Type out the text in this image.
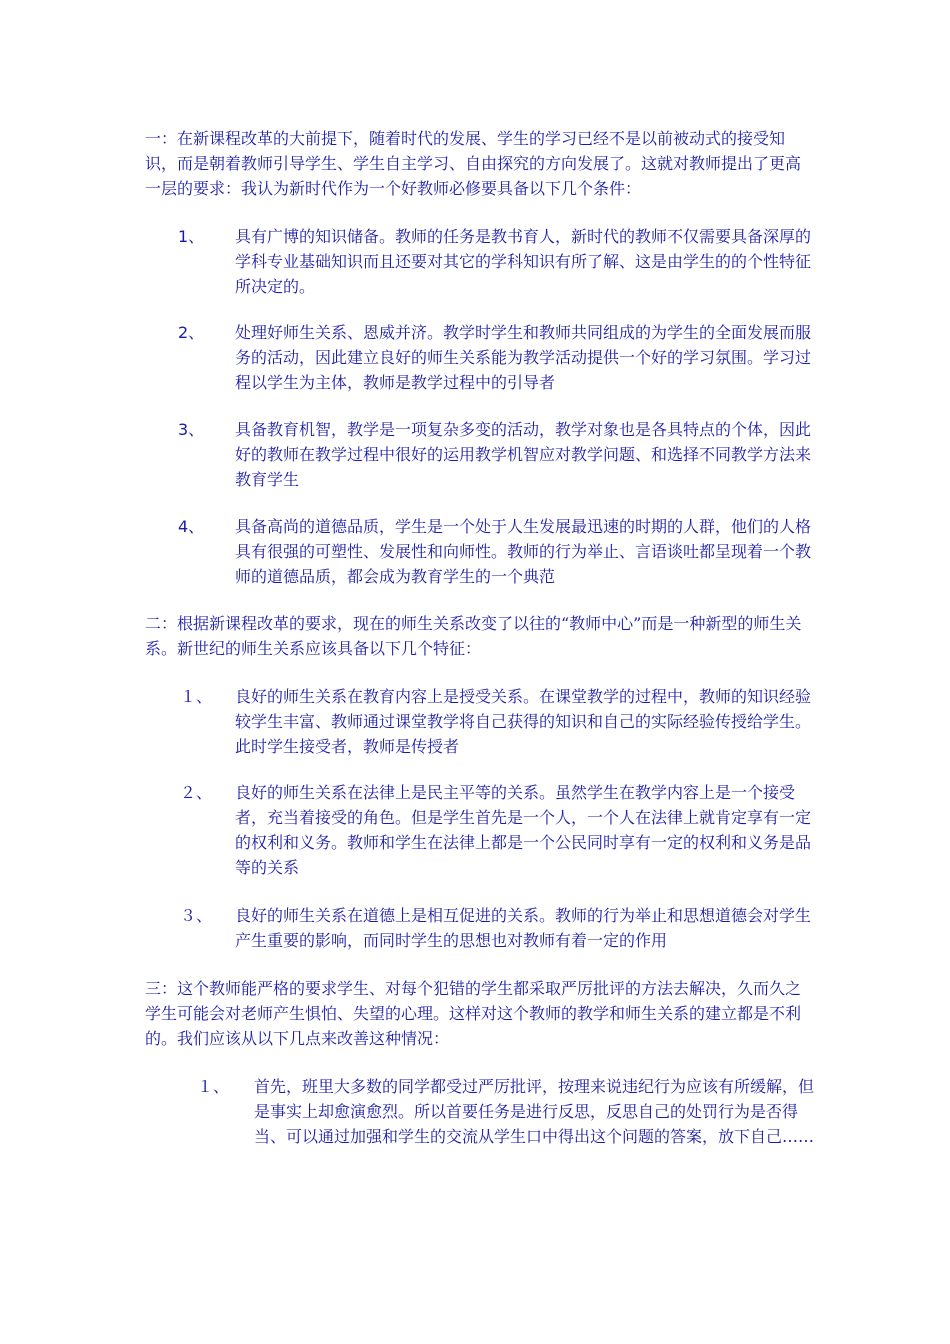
一：在新课程改革的大前提下，随着时代的发展、学生的学习已经不是以前被动式的接受知识，而是朝着教师引导学生、学生自主学习、自由探究的方向发展了。这就对教师提出了更高一层的要求：我认为新时代作为一个好教师必修要具备以下几个条件：

1、 具有广博的知识储备。教师的任务是教书育人，新时代的教师不仅需要具备深厚的学科专业基础知识而且还要对其它的学科知识有所了解、这是由学生的的个性特征所决定的。

2、 处理好师生关系、恩威并济。教学时学生和教师共同组成的为学生的全面发展而服务的活动，因此建立良好的师生关系能为教学活动提供一个好的学习氛围。学习过程以学生为主体，教师是教学过程中的引导者

3、 具备教育机智，教学是一项复杂多变的活动，教学对象也是各具特点的个体，因此好的教师在教学过程中很好的运用教学机智应对教学问题、和选择不同教学方法来教育学生

4、 具备高尚的道德品质，学生是一个处于人生发展最迅速的时期的人群，他们的人格具有很强的可塑性、发展性和向师性。教师的行为举止、言语谈吐都呈现着一个教师的道德品质，都会成为教育学生的一个典范

二：根据新课程改革的要求，现在的师生关系改变了以往的“教师中心”而是一种新型的师生关系。新世纪的师生关系应该具备以下几个特征：

１、 良好的师生关系在教育内容上是授受关系。在课堂教学的过程中，教师的知识经验较学生丰富、教师通过课堂教学将自己获得的知识和自己的实际经验传授给学生。此时学生接受者，教师是传授者

２、 良好的师生关系在法律上是民主平等的关系。虽然学生在教学内容上是一个接受者，充当着接受的角色。但是学生首先是一个人，一个人在法律上就肯定享有一定的权利和义务。教师和学生在法律上都是一个公民同时享有一定的权利和义务是品等的关系

３、 良好的师生关系在道德上是相互促进的关系。教师的行为举止和思想道德会对学生产生重要的影响，而同时学生的思想也对教师有着一定的作用

三：这个教师能严格的要求学生、对每个犯错的学生都采取严厉批评的方法去解决，久而久之学生可能会对老师产生惧怕、失望的心理。这样对这个教师的教学和师生关系的建立都是不利的。我们应该从以下几点来改善这种情况：

１、 首先，班里大多数的同学都受过严厉批评，按理来说违纪行为应该有所缓解，但是事实上却愈演愈烈。所以首要任务是进行反思，反思自己的处罚行为是否得当、可以通过加强和学生的交流从学生口中得出这个问题的答案，放下自己……
